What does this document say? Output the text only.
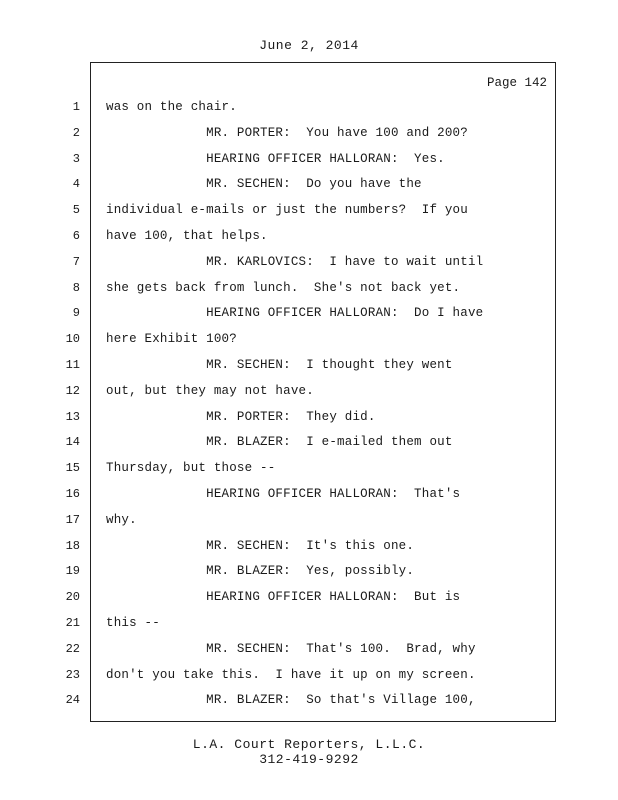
June 2, 2014
Page 142
1 was on the chair.
2 MR. PORTER:  You have 100 and 200?
3 HEARING OFFICER HALLORAN:  Yes.
4 MR. SECHEN:  Do you have the
5 individual e-mails or just the numbers?  If you
6 have 100, that helps.
7 MR. KARLOVICS:  I have to wait until
8 she gets back from lunch.  She's not back yet.
9 HEARING OFFICER HALLORAN:  Do I have
10 here Exhibit 100?
11 MR. SECHEN:  I thought they went
12 out, but they may not have.
13 MR. PORTER:  They did.
14 MR. BLAZER:  I e-mailed them out
15 Thursday, but those --
16 HEARING OFFICER HALLORAN:  That's
17 why.
18 MR. SECHEN:  It's this one.
19 MR. BLAZER:  Yes, possibly.
20 HEARING OFFICER HALLORAN:  But is
21 this --
22 MR. SECHEN:  That's 100.  Brad, why
23 don't you take this.  I have it up on my screen.
24 MR. BLAZER:  So that's Village 100,
L.A. Court Reporters, L.L.C.
312-419-9292
